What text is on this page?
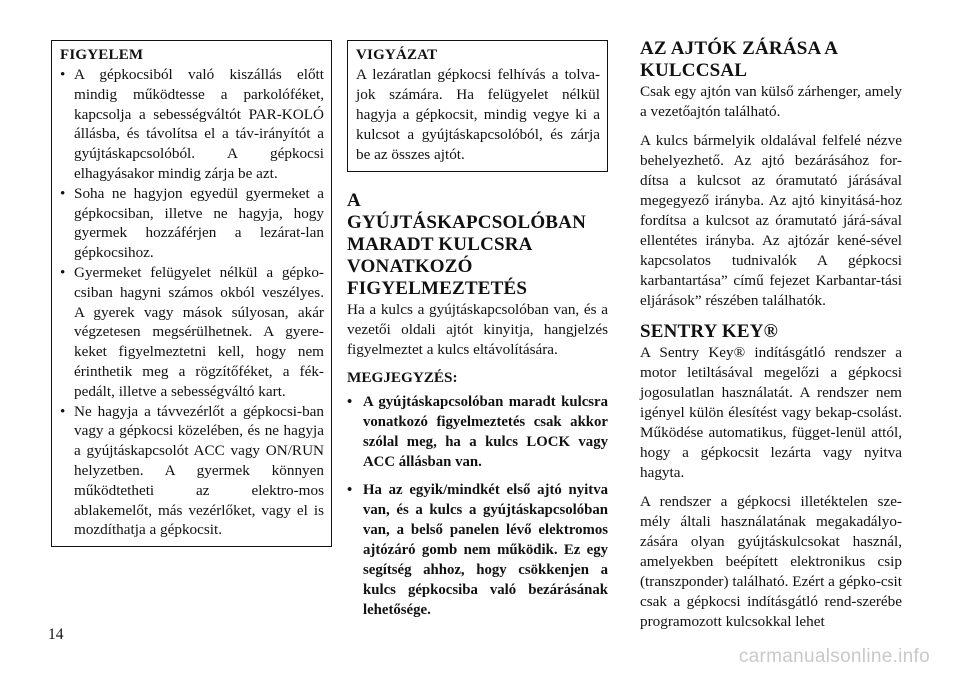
FIGYELEM
• A gépkocsiból való kiszállás előtt mindig működtesse a parkolóféket, kapcsolja a sebességváltót PAR-KOLÓ állásba, és távolítsa el a táv-irányítót a gyújtáskapcsolóból. A gépkocsi elhagyásakor mindig zárja be azt.
• Soha ne hagyjon egyedül gyermeket a gépkocsiban, illetve ne hagyja, hogy gyermek hozzáférjen a lezárat-lan gépkocsihoz.
• Gyermeket felügyelet nélkül a gépko-csiban hagyni számos okból veszélyes. A gyerek vagy mások súlyosan, akár végzetesen megsérülhetnek. A gyere-keket figyelmeztetni kell, hogy nem érinthetik meg a rögzítőféket, a fék-pedált, illetve a sebességváltó kart.
• Ne hagyja a távvezérlőt a gépkocsi-ban vagy a gépkocsi közelében, és ne hagyja a gyújtáskapcsolót ACC vagy ON/RUN helyzetben. A gyermek könnyen működtetheti az elektro-mos ablakemelőt, más vezérlőket, vagy el is mozdíthatja a gépkocsit.
VIGYÁZAT
A lezáratlan gépkocsi felhívás a tolva-jok számára. Ha felügyelet nélkül hagyja a gépkocsit, mindig vegye ki a kulcsot a gyújtáskapcsolóból, és zárja be az összes ajtót.
A
GYÚJTÁSKAPCSOLÓBAN
MARADT KULCSRA
VONATKOZÓ
FIGYELMEZTETÉS

Ha a kulcs a gyújtáskapcsolóban van, és a vezetői oldali ajtót kinyitja, hangjelzés figyelmeztet a kulcs eltávolítására.

MEGJEGYZÉS:
• A gyújtáskapcsolóban maradt kulcsra vonatkozó figyelmeztetés csak akkor szólal meg, ha a kulcs LOCK vagy ACC állásban van.
• Ha az egyik/mindkét első ajtó nyitva van, és a kulcs a gyújtáskapcsolóban van, a belső panelen lévő elektromos ajtózáró gomb nem működik. Ez egy segítség ahhoz, hogy csökkenjen a kulcs gépkocsiba való bezárásának lehetősége.
AZ AJTÓK ZÁRÁSA A
KULCCSAL

Csak egy ajtón van külső zárhenger, amely a vezetőajtón található.

A kulcs bármelyik oldalával felfelé nézve behelyezhető. Az ajtó bezárásához for-dítsa a kulcsot az óramutató járásával megegyező irányba. Az ajtó kinyitásá-hoz fordítsa a kulcsot az óramutató járá-sával ellentétes irányba. Az ajtózár kené-sével kapcsolatos tudnivalók A gépkocsi karbantartása” című fejezet Karbantar-tási eljárások” részében találhatók.

SENTRY KEY®

A Sentry Key® indításgátló rendszer a motor letiltásával megelőzi a gépkocsi jogosulatlan használatát. A rendszer nem igényel külön élesítést vagy bekap-csolást. Működése automatikus, függet-lenül attól, hogy a gépkocsit lezárta vagy nyitva hagyta.

A rendszer a gépkocsi illetéktelen sze-mély általi használatának megakadályo-zására olyan gyújtáskulcsokat használ, amelyekben beépített elektronikus csip (transzponder) található. Ezért a gépko-csit csak a gépkocsi indításgátló rend-szerébe programozott kulcsokkal lehet

14
carmanualsonline.info
